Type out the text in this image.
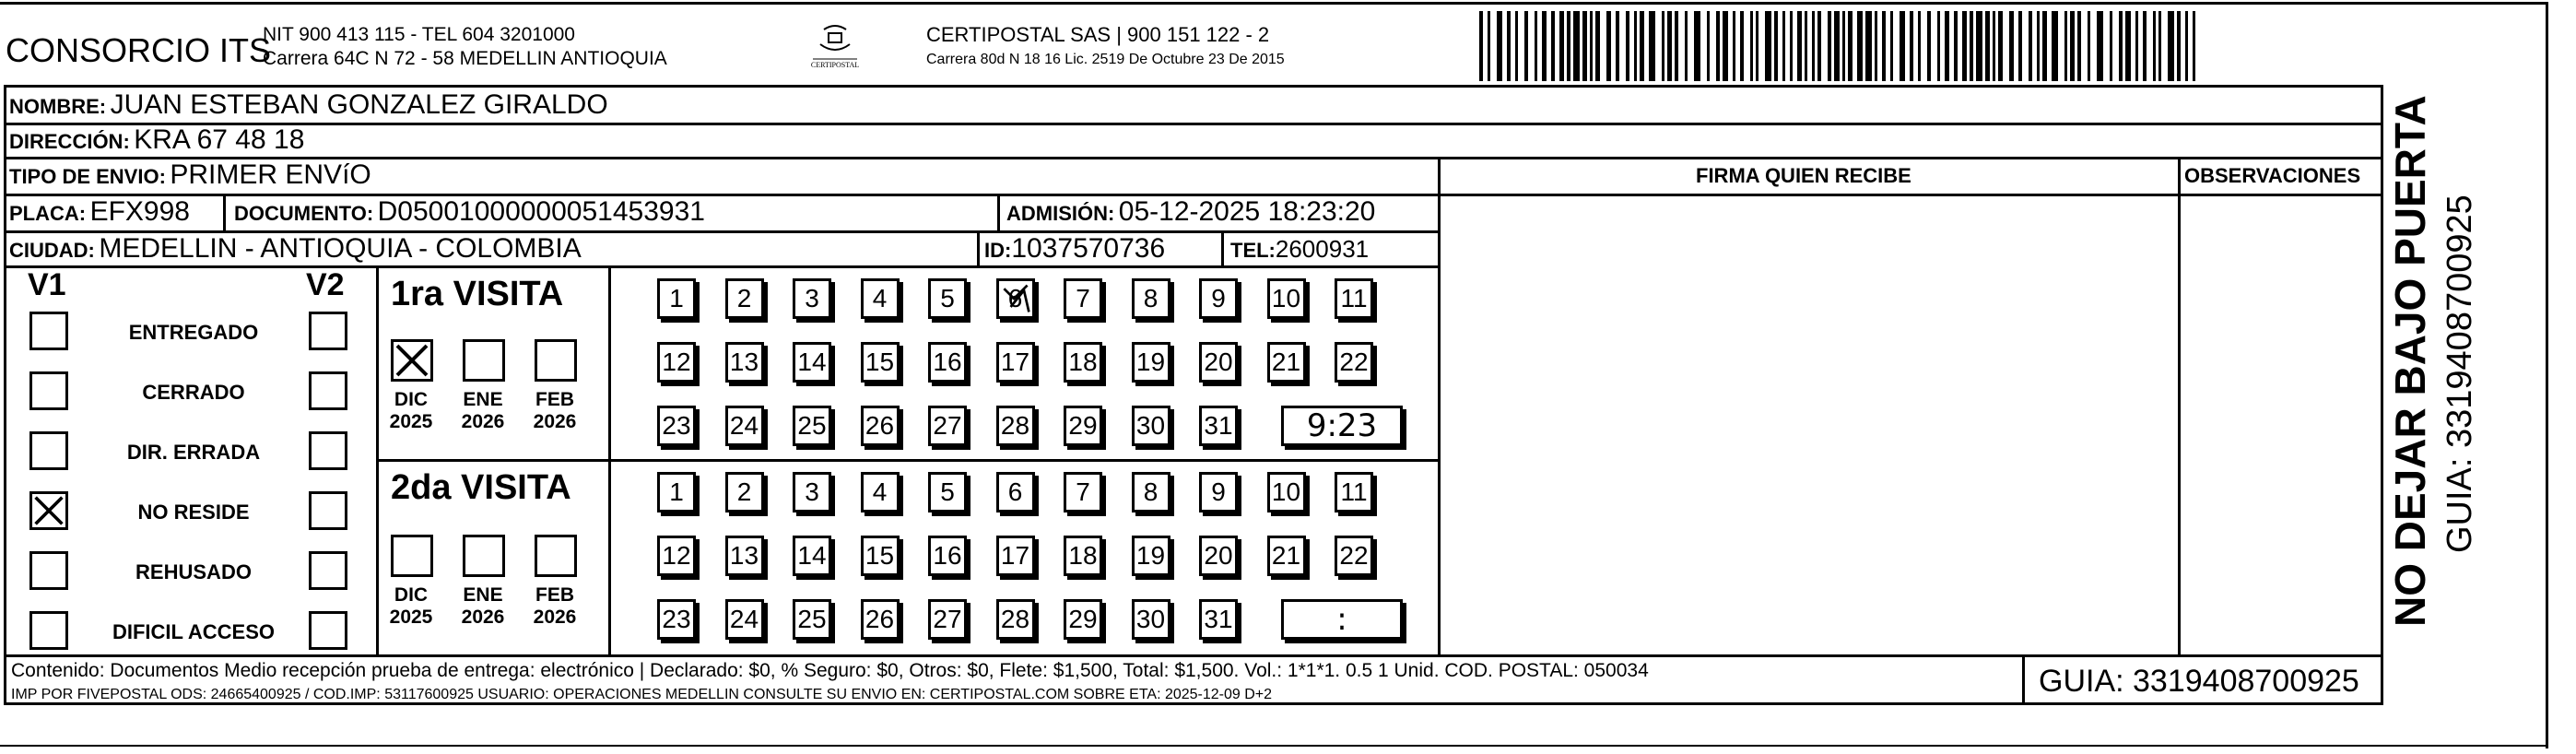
CONSORCIO ITS
NIT 900 413 115 - TEL 604 3201000
Carrera 64C N 72 - 58 MEDELLIN ANTIOQUIA	CERTIPOSTAL
CERTIPOSTAL SAS | 900 151 122 - 2
Carrera 80d N 18 16 Lic. 2519 De Octubre 23 De 2015
NOMBRE: JUAN ESTEBAN GONZALEZ GIRALDO
DIRECCIÓN: KRA 67 48 18
TIPO DE ENVIO: PRIMER ENVíO	FIRMA QUIEN RECIBE	OBSERVACIONES
PLACA: EFX998 DOCUMENTO: D05001000000051453931	ADMISIÓN: 05-12-2025 18:23:20
CIUDAD: MEDELLIN - ANTIOQUIA - COLOMBIA	ID:1037570736	TEL:2600931
V1	V2 1ra VISITA
2da VISITA
Contenido: Documentos Medio recepción prueba de entrega: electrónico | Declarado: $0, % Seguro: $0, Otros: $0, Flete: $1,500, Total: $1,500. Vol.: 1*1*1. 0.5 1 Unid. COD. POSTAL: 050034
IMP POR FIVEPOSTAL ODS: 24665400925 / COD.IMP: 53117600925 USUARIO: OPERACIONES MEDELLIN CONSULTE SU ENVIO EN: CERTIPOSTAL.COM SOBRE ETA: 2025-12-09 D+2	GUIA: 3319408700925
NO DEJAR BAJO PUERTA GUIA: 3319408700925
ENTREGADO
CERRADO
DIR. ERRADA
NO RESIDE
REHUSADO
DIFICIL ACCESO
DIC
2025
ENE
2026
FEB
2026
DIC
2025
ENE
2026
FEB
2026
1	2	3	4	5	6	7	8	9	10 11
12 13 14 15 16 17 18 19 20 21 22
23 24 25 26 27 28 29 30 31	9:23
1	2	3	4	5	6	7	8	9	10 11
12 13 14 15 16 17 18 19 20 21 22
23 24 25 26 27 28 29 30 31	:
